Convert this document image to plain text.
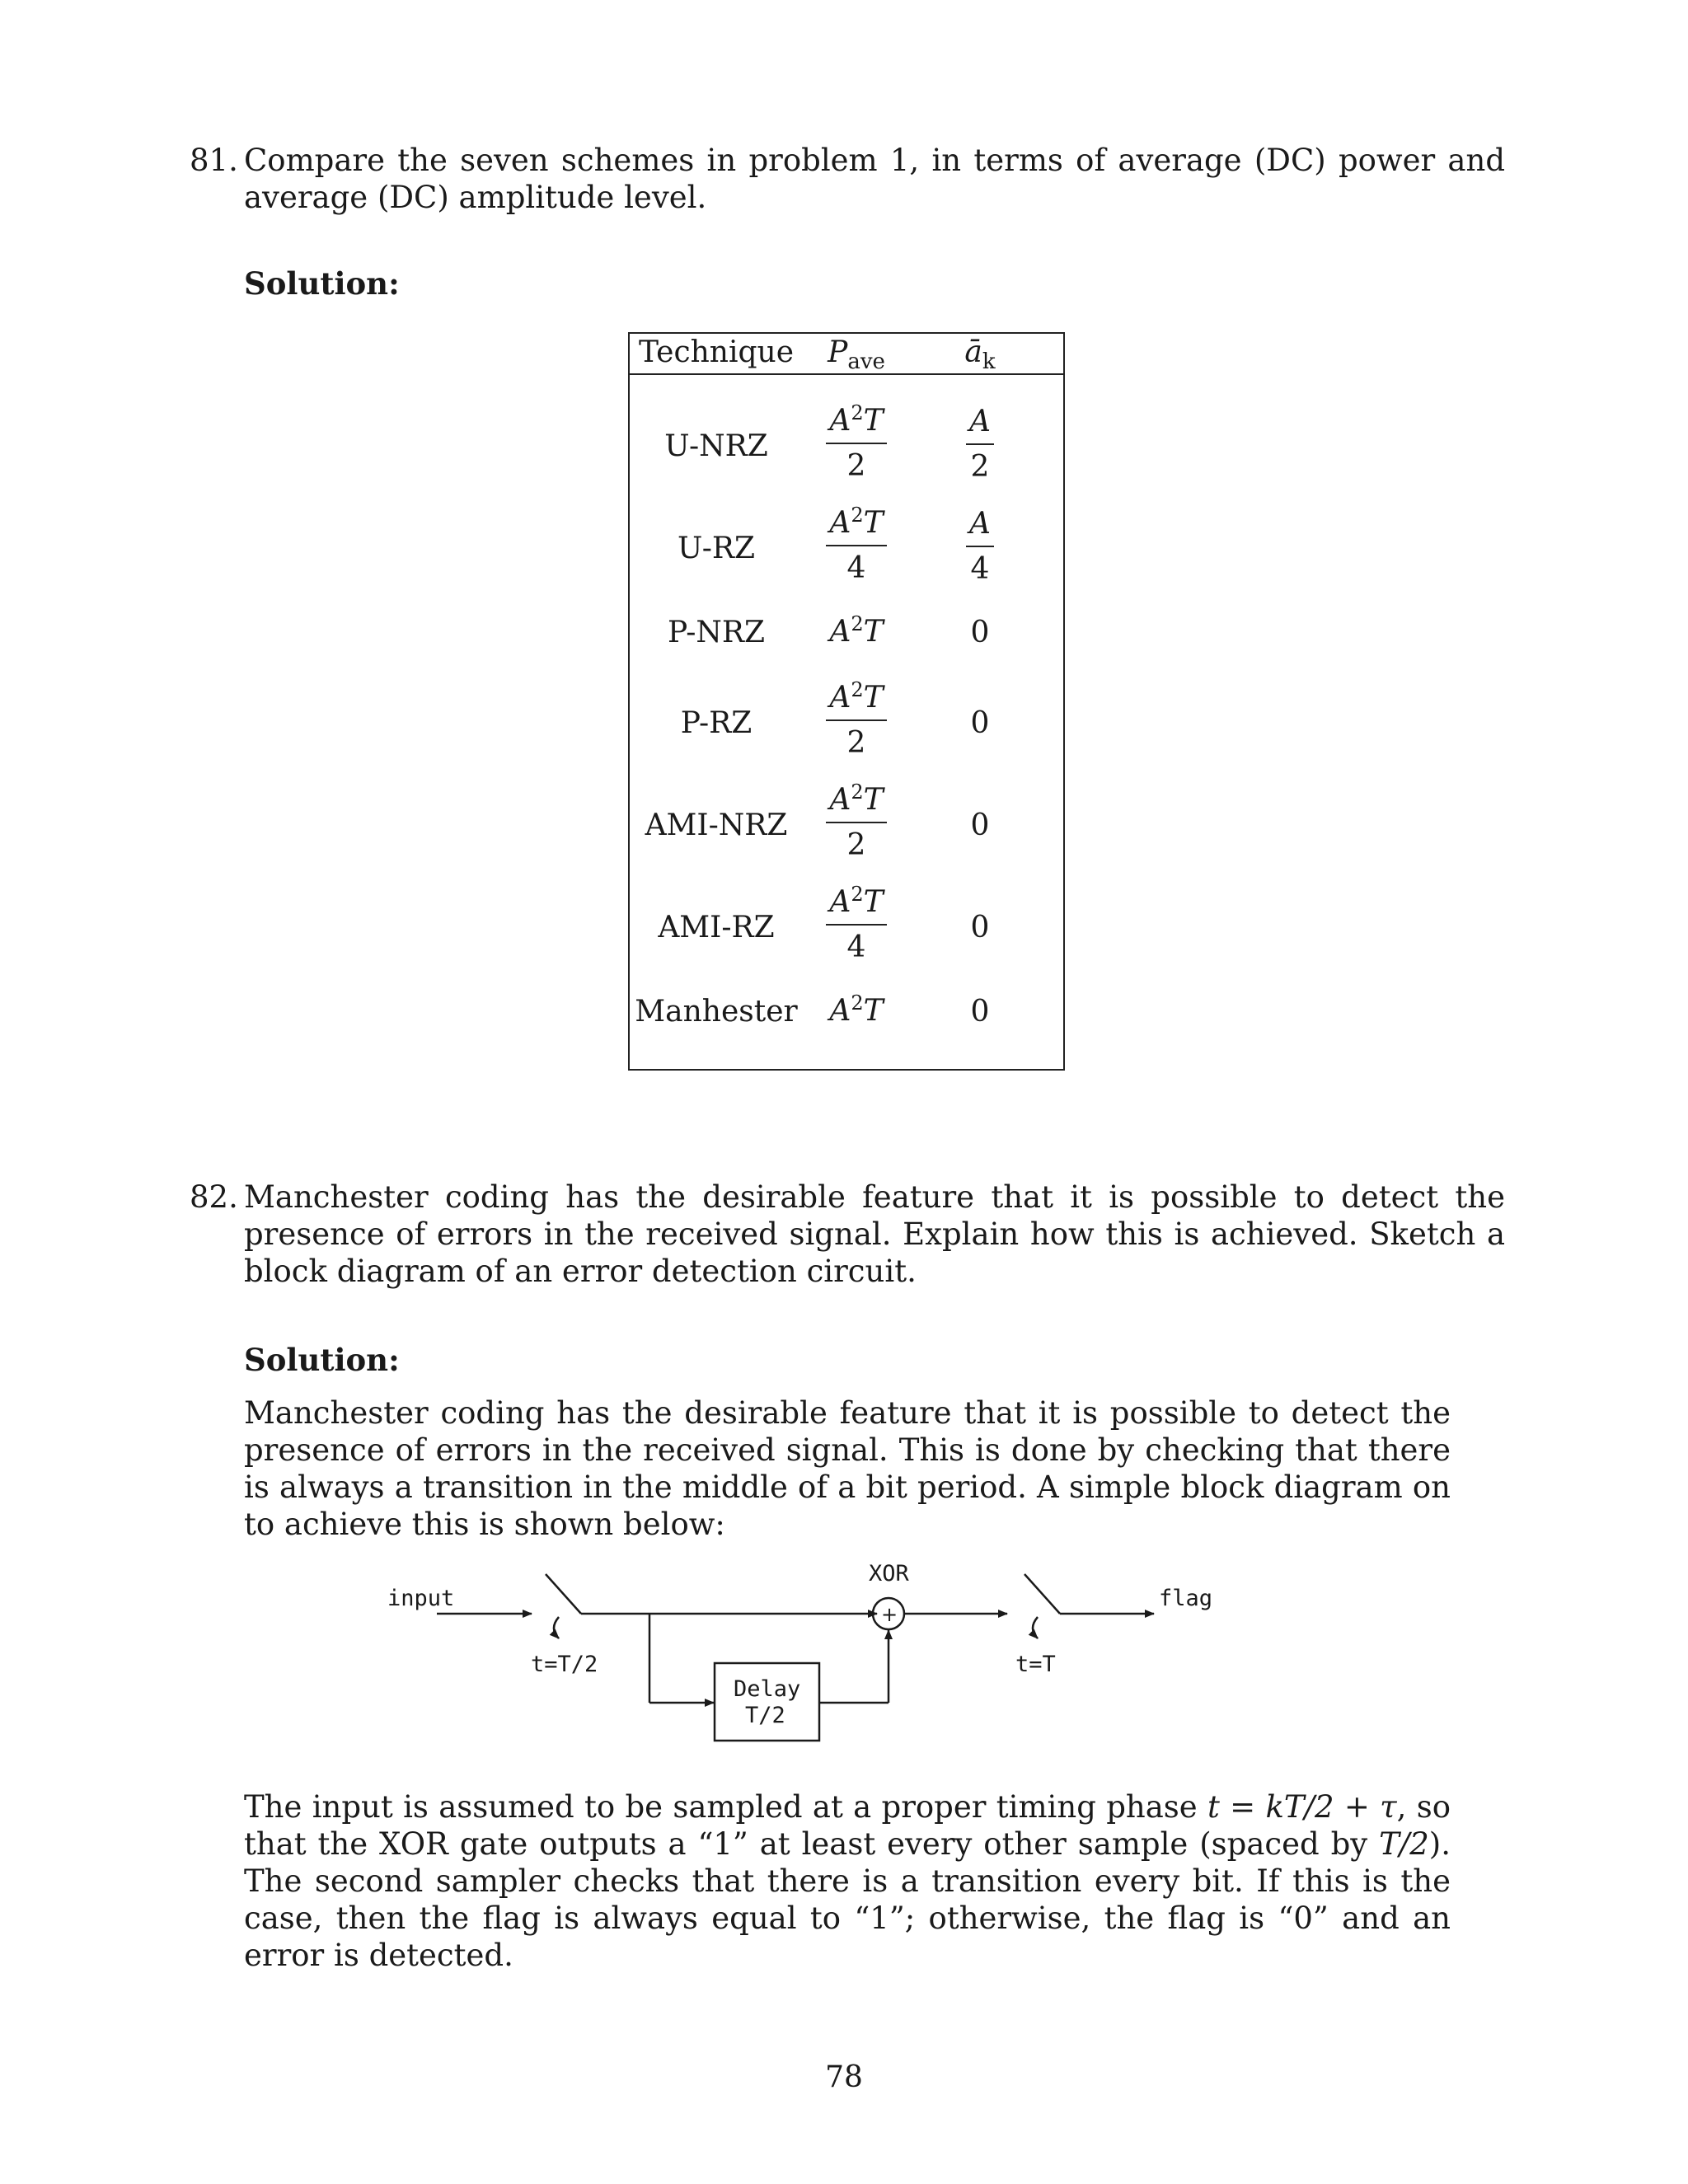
81. Compare the seven schemes in problem 1, in terms of average (DC) power and average (DC) amplitude level.

Solution:

Technique	$P_{ave}$	$ā_k$
U-NRZ	$\frac{A^2T}{2}$	$\frac{A}{2}$
U-RZ	$\frac{A^2T}{4}$	$\frac{A}{4}$
P-NRZ	$A^2T$	0
P-RZ	$\frac{A^2T}{2}$	0
AMI-NRZ	$\frac{A^2T}{2}$	0
AMI-RZ	$\frac{A^2T}{4}$	0
Manhester	$A^2T$	0

82. Manchester coding has the desirable feature that it is possible to detect the presence of errors in the received signal. Explain how this is achieved. Sketch a block diagram of an error detection circuit.

Solution:

Manchester coding has the desirable feature that it is possible to detect the presence of errors in the received signal. This is done by checking that there is always a transition in the middle of a bit period. A simple block diagram on to achieve this is shown below:

input
t=T/2
XOR
+
Delay
T/2
t=T
flag

The input is assumed to be sampled at a proper timing phase t = kT/2 + τ, so that the XOR gate outputs a “1” at least every other sample (spaced by T/2). The second sampler checks that there is a transition every bit. If this is the case, then the flag is always equal to “1”; otherwise, the flag is “0” and an error is detected.

78
